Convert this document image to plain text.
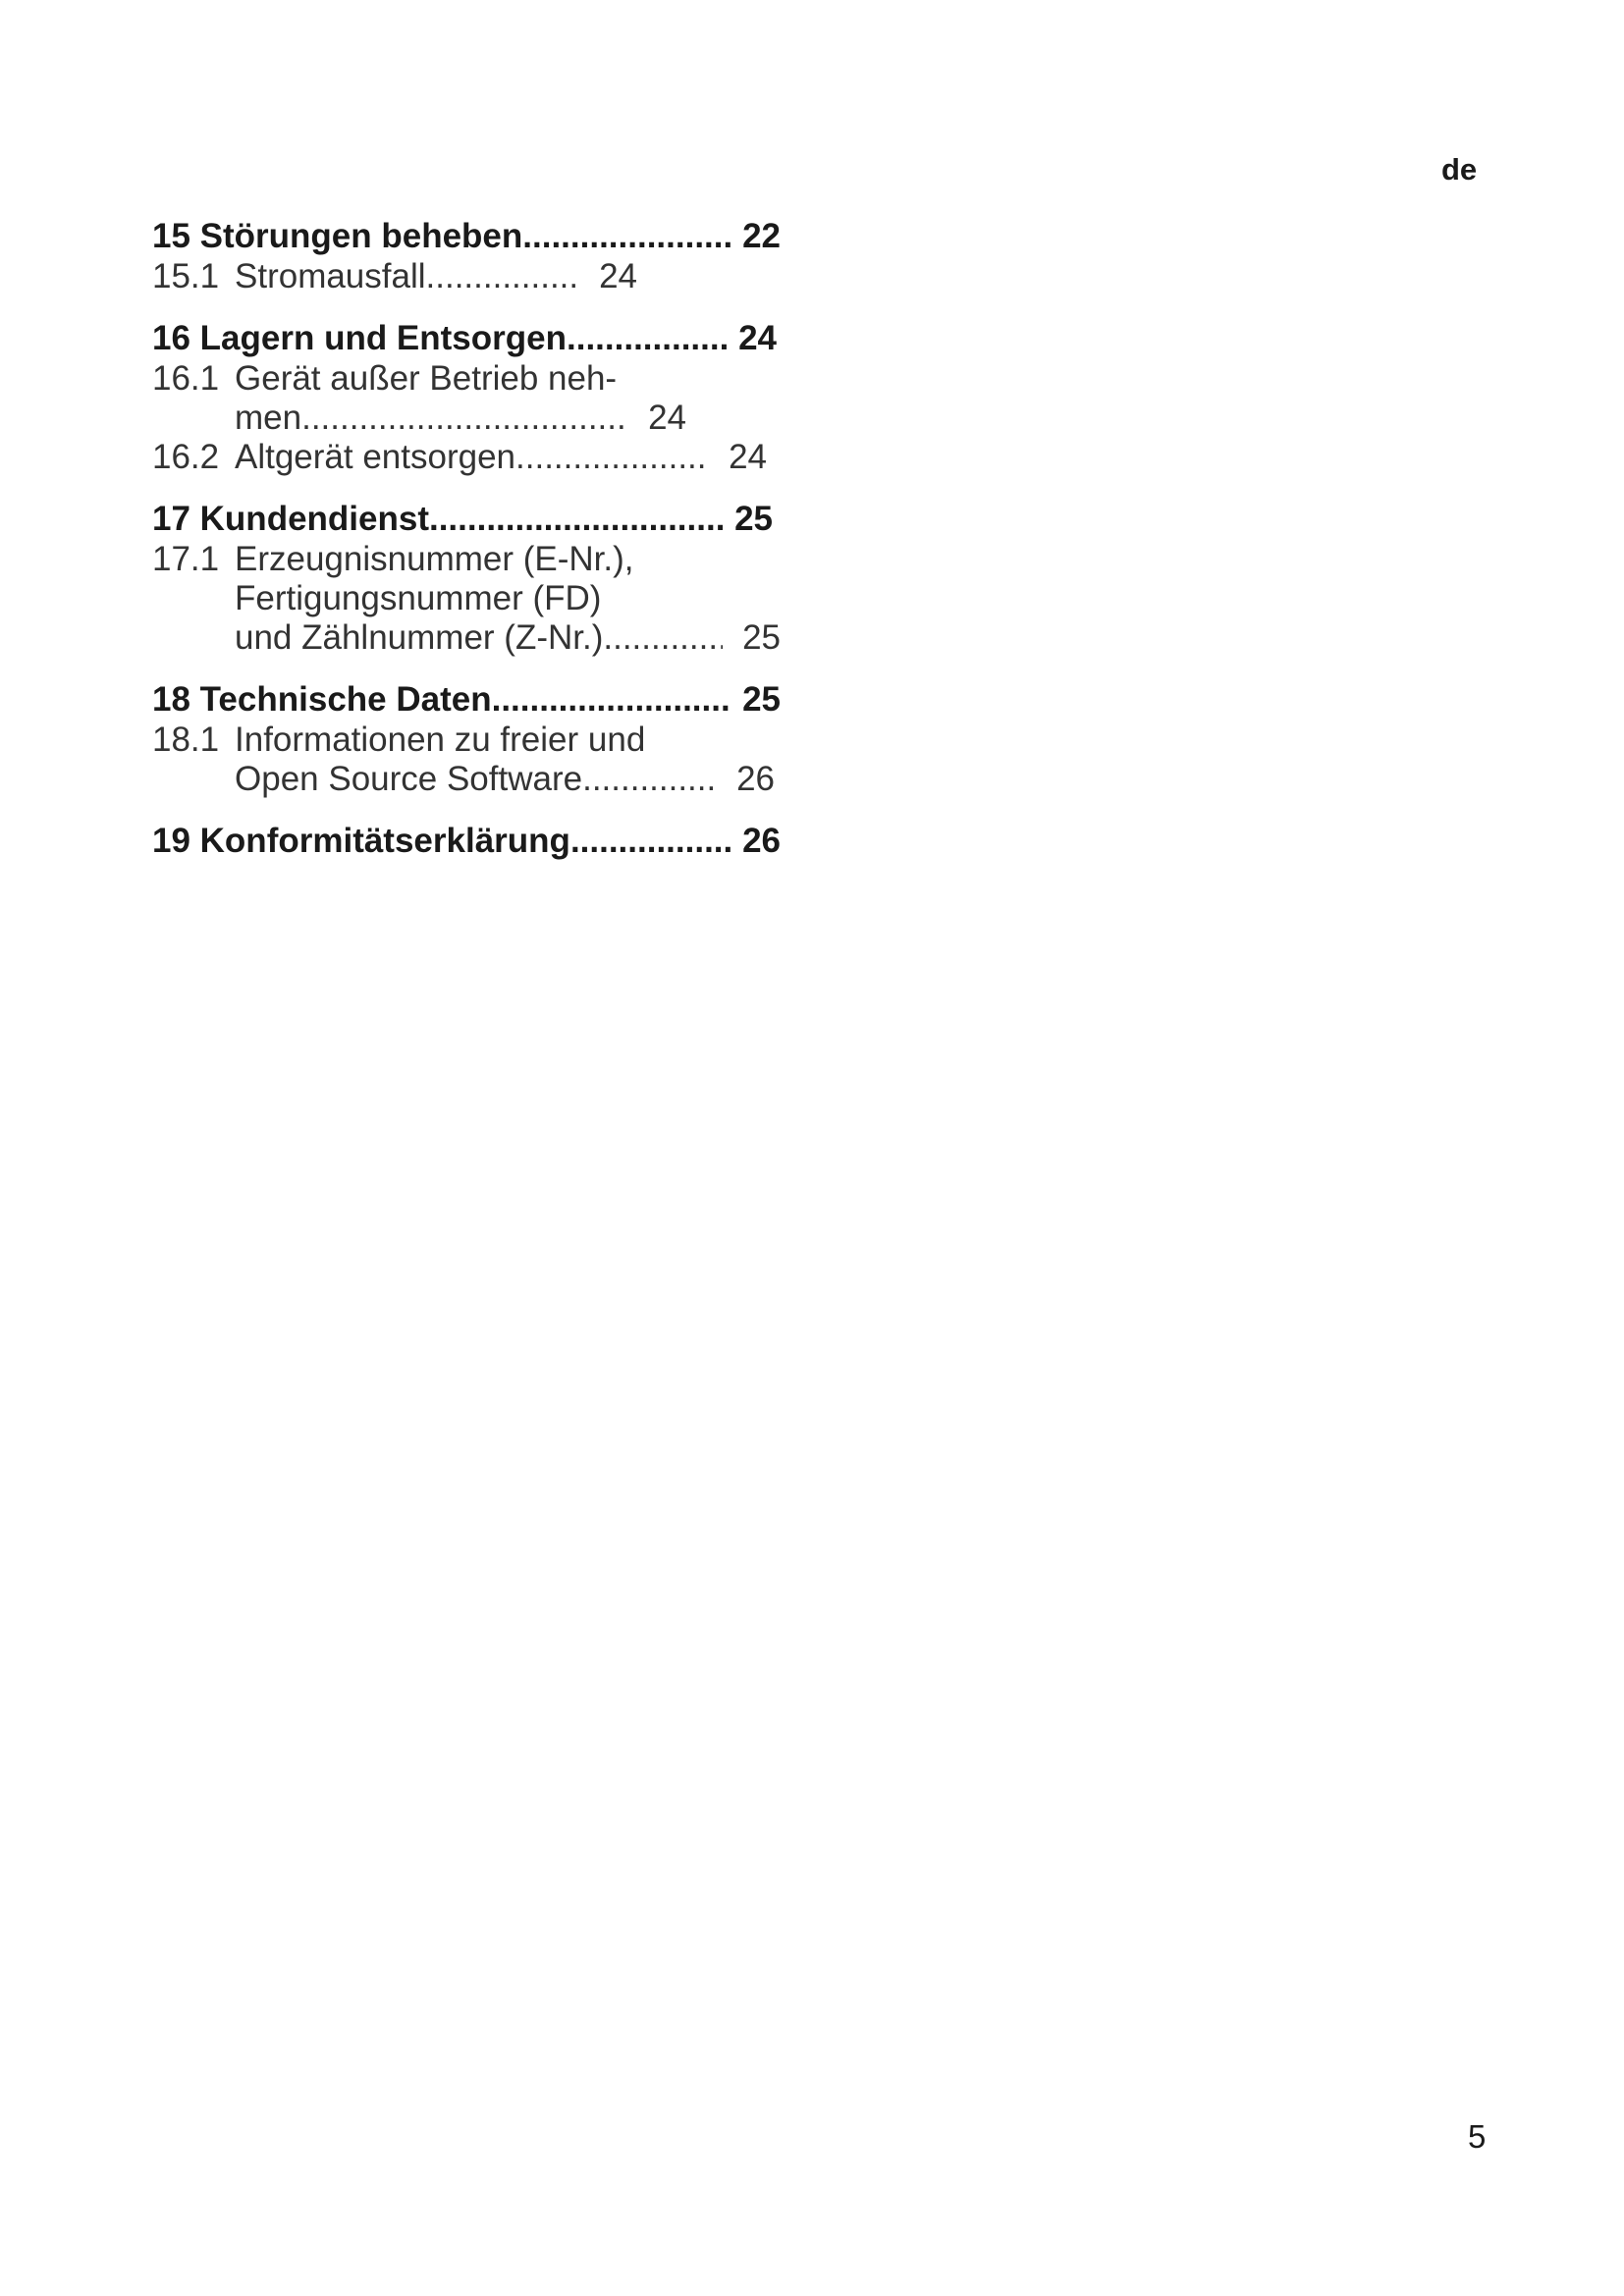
de
15 Störungen beheben .....	22
15.1 Stromausfall .....	24
16 Lagern und Entsorgen .....	24
16.1 Gerät außer Betrieb neh-
men .....	24
16.2 Altgerät entsorgen .....	24
17 Kundendienst .....	25
17.1 Erzeugnisnummer (E-Nr.),
Fertigungsnummer (FD)
und Zählnummer (Z-Nr.) .....	25
18 Technische Daten .....	25
18.1 Informationen zu freier und
Open Source Software .....	26
19 Konformitätserklärung .....	26
5
